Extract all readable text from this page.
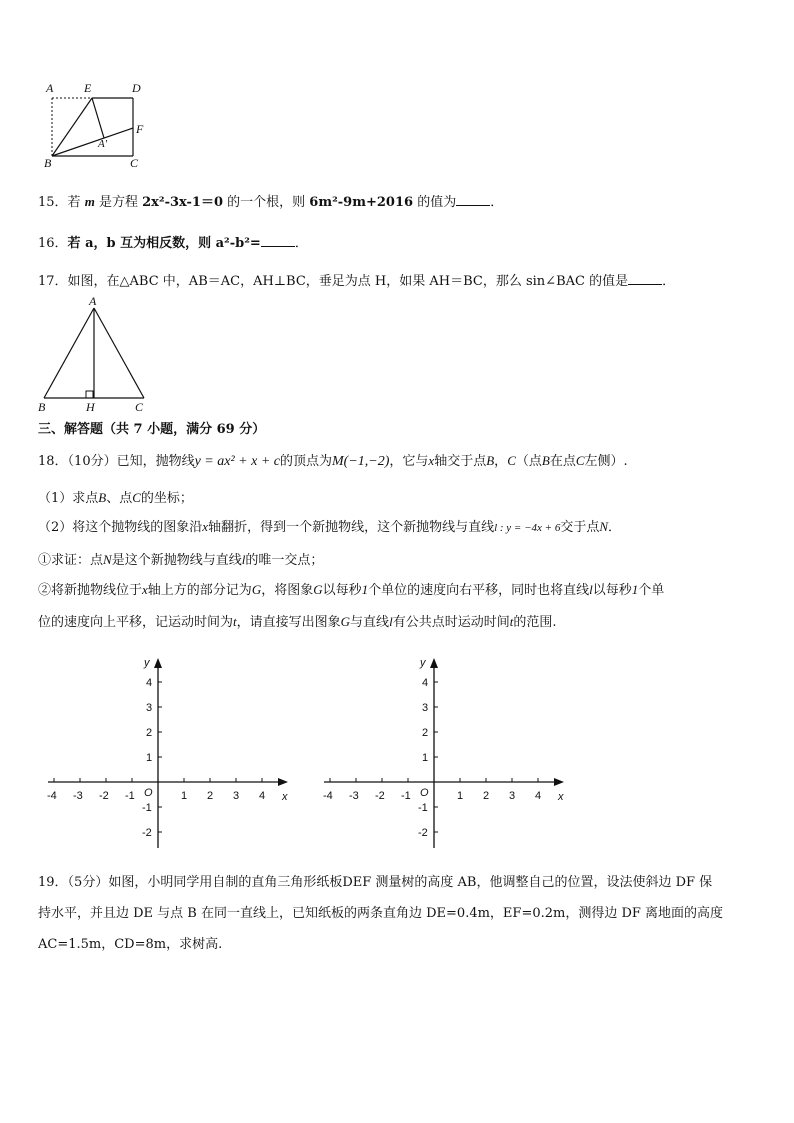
A	E	D
F
A'
B	C
15．若 m 是方程 2x²-3x-1＝0 的一个根，则 6m²-9m+2016 的值为	．
16．若 a，b 互为相反数，则 a²-b²=	．
17．如图，在△ABC 中，AB＝AC，AH⊥BC，垂足为点 H，如果 AH＝BC，那么 sin∠BAC 的值是	．
A
B	H	C
三、解答题（共 7 小题，满分 69 分）
18．（10分）已知，抛物线y = ax² + x + c的顶点为M(−1,−2)，它与x轴交于点B，C（点B在点C左侧）.
（1）求点B、点C的坐标；
（2）将这个抛物线的图象沿x轴翻折，得到一个新抛物线，这个新抛物线与直线l : y = −4x + 6交于点N．
①求证：点N是这个新抛物线与直线l的唯一交点；
②将新抛物线位于x轴上方的部分记为G，将图象G以每秒1个单位的速度向右平移，同时也将直线l以每秒1个单
位的速度向上平移，记运动时间为t，请直接写出图象G与直线l有公共点时运动时间t的范围.
x
y
O
-4 -3 -2 -1	1 2 3 4
4
3
2
1
-1
-2
x
y
O
-4 -3 -2 -1	1 2 3 4
4
3
2
1
-1
-2
19．（5分）如图，小明同学用自制的直角三角形纸板DEF 测量树的高度 AB，他调整自己的位置，设法使斜边 DF 保
持水平，并且边 DE 与点 B 在同一直线上，已知纸板的两条直角边 DE=0.4m，EF=0.2m，测得边 DF 离地面的高度
AC=1.5m，CD=8m，求树高.
